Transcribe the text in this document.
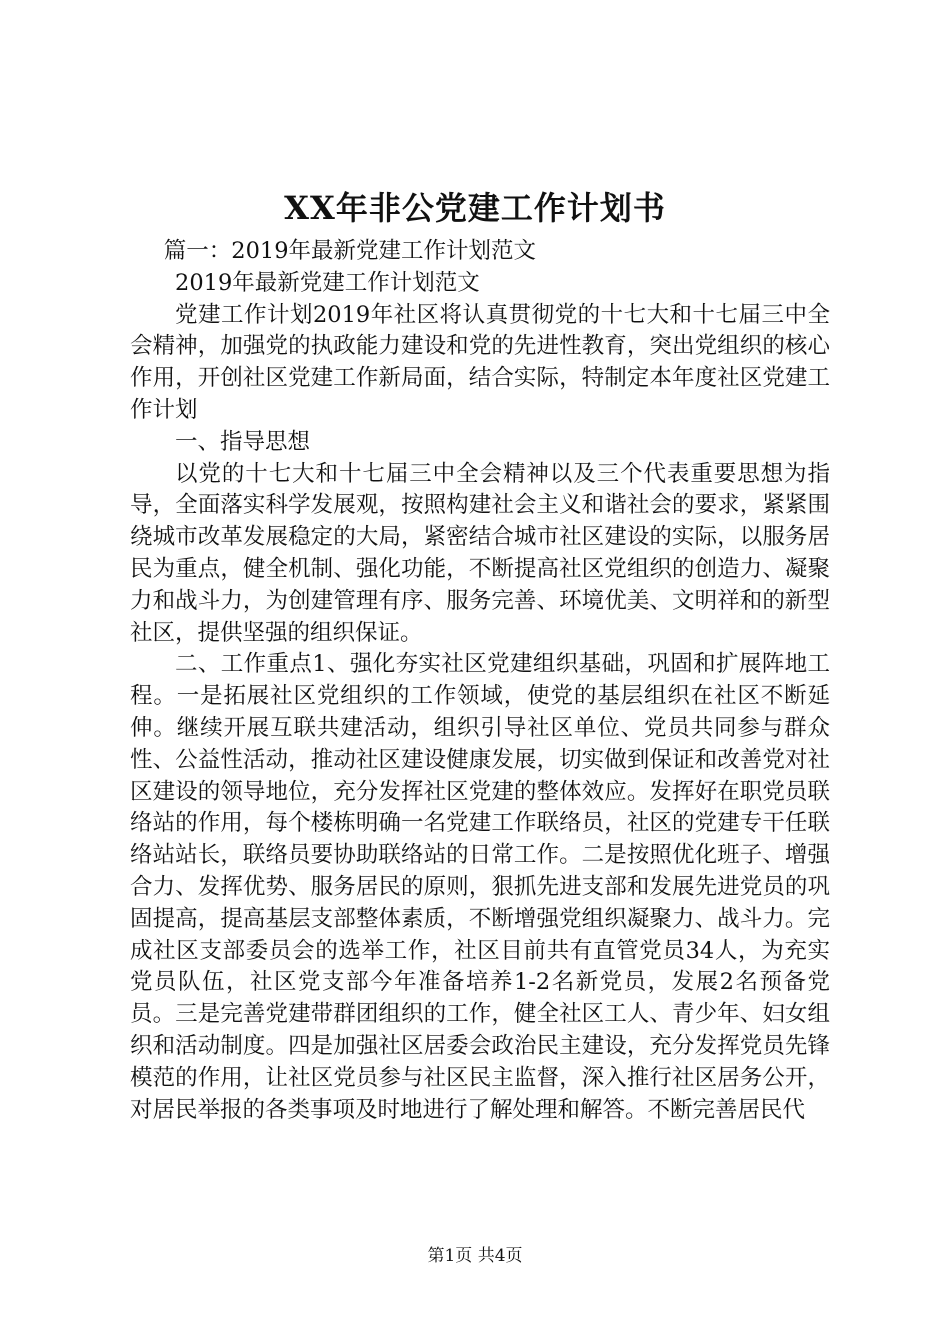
XX年非公党建工作计划书

篇一：2019年最新党建工作计划范文

2019年最新党建工作计划范文

党建工作计划2019年社区将认真贯彻党的十七大和十七届三中全会精神，加强党的执政能力建设和党的先进性教育，突出党组织的核心作用，开创社区党建工作新局面，结合实际，特制定本年度社区党建工作计划

一、指导思想

以党的十七大和十七届三中全会精神以及三个代表重要思想为指导，全面落实科学发展观，按照构建社会主义和谐社会的要求，紧紧围绕城市改革发展稳定的大局，紧密结合城市社区建设的实际，以服务居民为重点，健全机制、强化功能，不断提高社区党组织的创造力、凝聚力和战斗力，为创建管理有序、服务完善、环境优美、文明祥和的新型社区，提供坚强的组织保证。

二、工作重点1、强化夯实社区党建组织基础，巩固和扩展阵地工程。一是拓展社区党组织的工作领域，使党的基层组织在社区不断延伸。继续开展互联共建活动，组织引导社区单位、党员共同参与群众性、公益性活动，推动社区建设健康发展，切实做到保证和改善党对社区建设的领导地位，充分发挥社区党建的整体效应。发挥好在职党员联络站的作用，每个楼栋明确一名党建工作联络员，社区的党建专干任联络站站长，联络员要协助联络站的日常工作。二是按照优化班子、增强合力、发挥优势、服务居民的原则，狠抓先进支部和发展先进党员的巩固提高，提高基层支部整体素质，不断增强党组织凝聚力、战斗力。完成社区支部委员会的选举工作，社区目前共有直管党员34人，为充实党员队伍，社区党支部今年准备培养1-2名新党员，发展2名预备党员。三是完善党建带群团组织的工作，健全社区工人、青少年、妇女组织和活动制度。四是加强社区居委会政治民主建设，充分发挥党员先锋模范的作用，让社区党员参与社区民主监督，深入推行社区居务公开，对居民举报的各类事项及时地进行了解处理和解答。不断完善居民代

第1页 共4页
